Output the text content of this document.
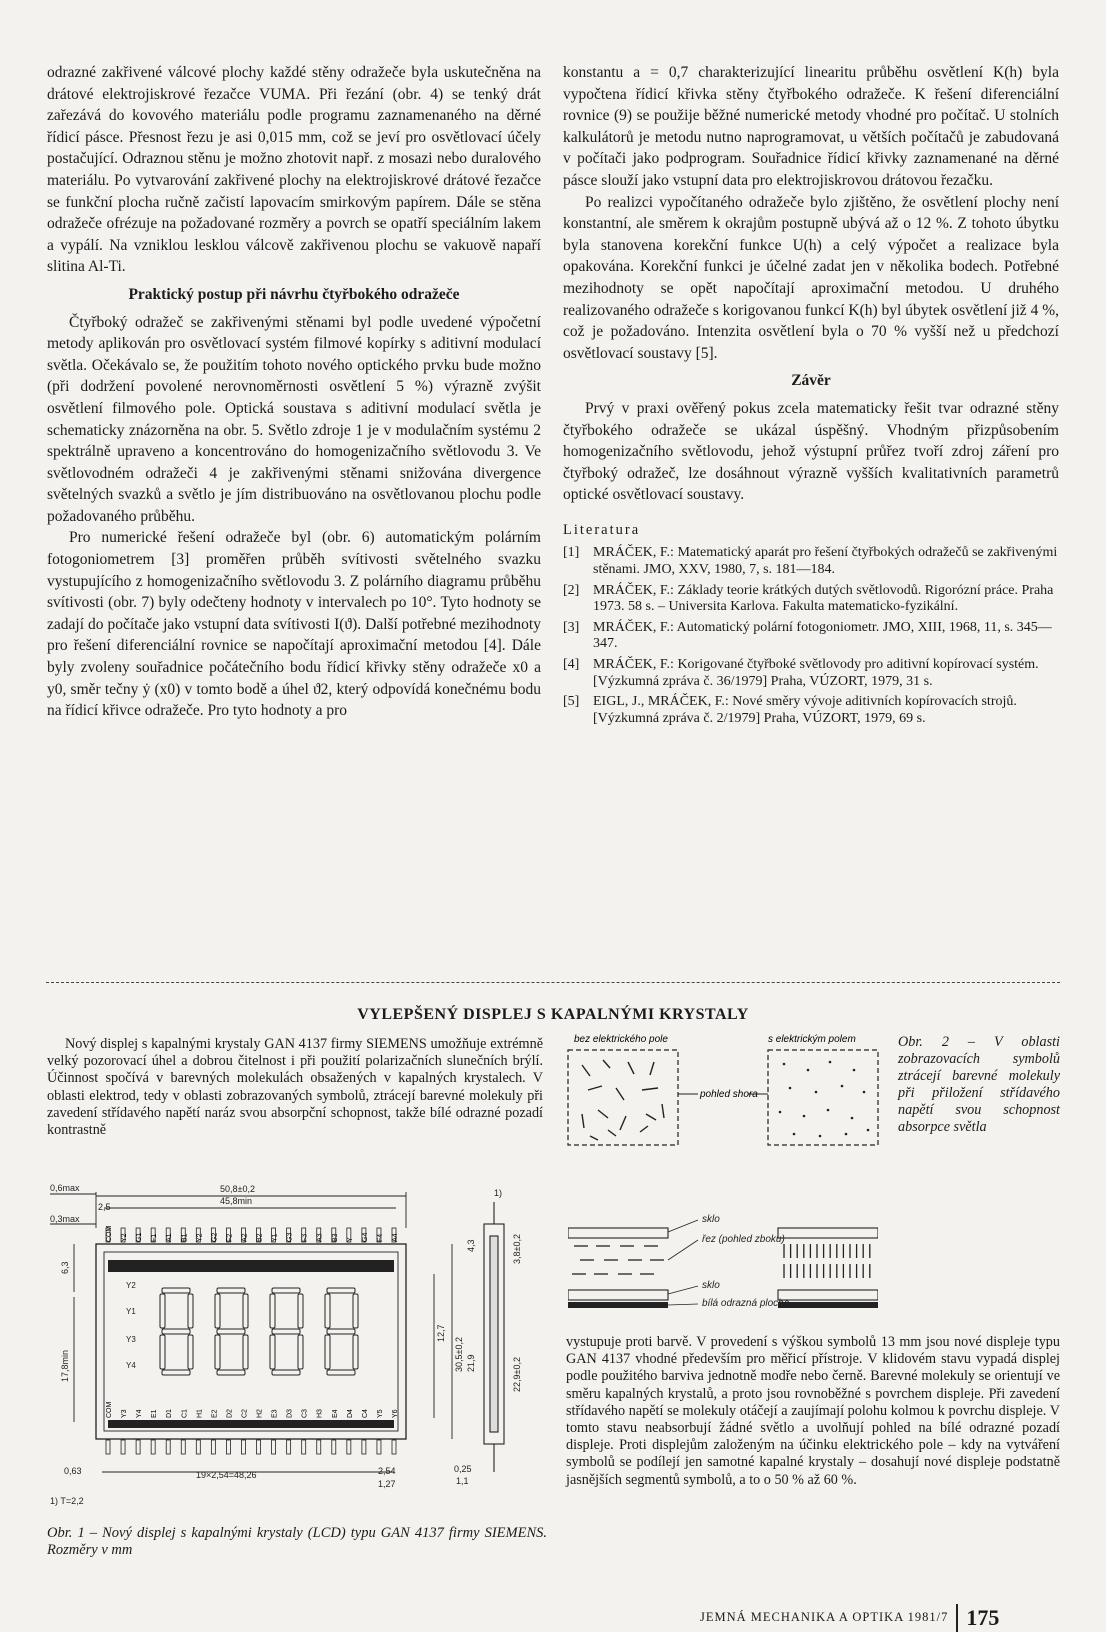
odrazné zakřivené válcové plochy každé stěny odražeče byla uskutečněna na drátové elektrojiskrové řezačce VUMA. Při řezání (obr. 4) se tenký drát zařezává do kovového materiálu podle programu zaznamenaného na děrné řídicí pásce. Přesnost řezu je asi 0,015 mm, což se jeví pro osvětlovací účely postačující. Odraznou stěnu je možno zhotovit např. z mosazi nebo duralového materiálu. Po vytvarování zakřivené plochy na elektrojiskrové drátové řezačce se funkční plocha ručně začistí lapovacím smirkovým papírem. Dále se stěna odražeče ofrézuje na požadované rozměry a povrch se opatří speciálním lakem a vypálí. Na vzniklou lesklou válcově zakřivenou plochu se vakuově napaří slitina Al-Ti.

Praktický postup při návrhu čtyřbokého odražeče

Čtyřboký odražeč se zakřivenými stěnami byl podle uvedené výpočetní metody aplikován pro osvětlovací systém filmové kopírky s aditivní modulací světla. Očekávalo se, že použitím tohoto nového optického prvku bude možno (při dodržení povolené nerovnoměrnosti osvětlení 5 %) výrazně zvýšit osvětlení filmového pole. Optická soustava s aditivní modulací světla je schematicky znázorněna na obr. 5. Světlo zdroje 1 je v modulačním systému 2 spektrálně upraveno a koncentrováno do homogenizačního světlovodu 3. Ve světlovodném odražeči 4 je zakřivenými stěnami snižována divergence světelných svazků a světlo je jím distribuováno na osvětlovanou plochu podle požadovaného průběhu.

Pro numerické řešení odražeče byl (obr. 6) automatickým polárním fotogoniometrem [3] proměřen průběh svítivosti světelného svazku vystupujícího z homogenizačního světlovodu 3. Z polárního diagramu průběhu svítivosti (obr. 7) byly odečteny hodnoty v intervalech po 10°. Tyto hodnoty se zadají do počítače jako vstupní data svítivosti I(ϑ). Další potřebné mezihodnoty pro řešení diferenciální rovnice se napočítají aproximační metodou [4]. Dále byly zvoleny souřadnice počátečního bodu řídicí křivky stěny odražeče x0 a y0, směr tečny ẏ (x0) v tomto bodě a úhel ϑ2, který odpovídá konečnému bodu na řídicí křivce odražeče. Pro tyto hodnoty a pro

konstantu a = 0,7 charakterizující linearitu průběhu osvětlení K(h) byla vypočtena řídicí křivka stěny čtyřbokého odražeče. K řešení diferenciální rovnice (9) se použije běžné numerické metody vhodné pro počítač. U stolních kalkulátorů je metodu nutno naprogramovat, u větších počítačů je zabudovaná v počítači jako podprogram. Souřadnice řídicí křivky zaznamenané na děrné pásce slouží jako vstupní data pro elektrojiskrovou drátovou řezačku.

Po realizci vypočítaného odražeče bylo zjištěno, že osvětlení plochy není konstantní, ale směrem k okrajům postupně ubývá až o 12 %. Z tohoto úbytku byla stanovena korekční funkce U(h) a celý výpočet a realizace byla opakována. Korekční funkci je účelné zadat jen v několika bodech. Potřebné mezihodnoty se opět napočítají aproximační metodou. U druhého realizovaného odražeče s korigovanou funkcí K(h) byl úbytek osvětlení již 4 %, což je požadováno. Intenzita osvětlení byla o 70 % vyšší než u předchozí osvětlovací soustavy [5].

Závěr

Prvý v praxi ověřený pokus zcela matematicky řešit tvar odrazné stěny čtyřbokého odražeče se ukázal úspěšný. Vhodným přizpůsobením homogenizačního světlovodu, jehož výstupní průřez tvoří zdroj záření pro čtyřboký odražeč, lze dosáhnout výrazně vyšších kvalitativních parametrů optické osvětlovací soustavy.

Literatura
[1] MRÁČEK, F.: Matematický aparát pro řešení čtyřbokých odražečů se zakřivenými stěnami. JMO, XXV, 1980, 7, s. 181—184.
[2] MRÁČEK, F.: Základy teorie krátkých dutých světlovodů. Rigorózní práce. Praha 1973. 58 s. – Universita Karlova. Fakulta matematicko-fyzikální.
[3] MRÁČEK, F.: Automatický polární fotogoniometr. JMO, XIII, 1968, 11, s. 345—347.
[4] MRÁČEK, F.: Korigované čtyřboké světlovody pro aditivní kopírovací systém. [Výzkumná zpráva č. 36/1979] Praha, VÚZORT, 1979, 31 s.
[5] EIGL, J., MRÁČEK, F.: Nové směry vývoje aditivních kopírovacích strojů. [Výzkumná zpráva č. 2/1979] Praha, VÚZORT, 1979, 69 s.
VYLEPŠENÝ DISPLEJ S KAPALNÝMI KRYSTALY

Nový displej s kapalnými krystaly GAN 4137 firmy SIEMENS umožňuje extrémně velký pozorovací úhel a dobrou čitelnost i při použití polarizačních slunečních brýlí. Účinnost spočívá v barevných molekulách obsažených v kapalných krystalech. V oblasti elektrod, tedy v oblasti zobrazovaných symbolů, ztrácejí barevné molekuly při zavedení střídavého napětí naráz svou absorpční schopnost, takže bílé odrazné pozadí kontrastně

bez elektrického pole	s elektrickým polem
pohled shora
Obr. 2 – V oblasti zobrazovacích symbolů ztrácejí barevné molekuly při přiložení střídavého napětí svou schopnost absorpce světla
0,6max
0,3max
50,8±0,2
45,8min
2,5
COM Y2 G1 F1 A1 B1 Y2 G2 F2 A2 B2 Y1 G3 F3 A3 B3 Y G4 F4 A4
Y2
Y1
Y3
Y4
6,3
17,8min
12,7
30,5±0,2
COM Y3 Y4 E1 D1 C1 H1 E2 D2 C2 H2 E3 D3 C3 H3 E4 D4 C4 Y5 Y6
19×2,54=48,26	2,54
1,27
0,63
1) T=2,2
1)
4,3	3,8±0,2
21,9	22,9±0,2
0,25
1,1
Obr. 1 – Nový displej s kapalnými krystaly (LCD) typu GAN 4137 firmy SIEMENS. Rozměry v mm
sklo
řez (pohled zboku)
sklo
bílá odrazná plocha

vystupuje proti barvě. V provedení s výškou symbolů 13 mm jsou nové displeje typu GAN 4137 vhodné především pro měřicí přístroje. V klidovém stavu vypadá displej podle použitého barviva jednotně modře nebo černě. Barevné molekuly se orientují ve směru kapalných krystalů, a proto jsou rovnoběžné s povrchem displeje. Při zavedení střídavého napětí se molekuly otáčejí a zaujímají polohu kolmou k povrchu displeje. V tomto stavu neabsorbují žádné světlo a uvolňují pohled na bílé odrazné pozadí displeje. Proti displejům založeným na účinku elektrického pole – kdy na vytváření symbolů se podílejí jen samotné kapalné krystaly – dosahují nové displeje podstatně jasnějších segmentů symbolů, a to o 50 % až 60 %.

JEMNÁ MECHANIKA A OPTIKA 1981/7 175
